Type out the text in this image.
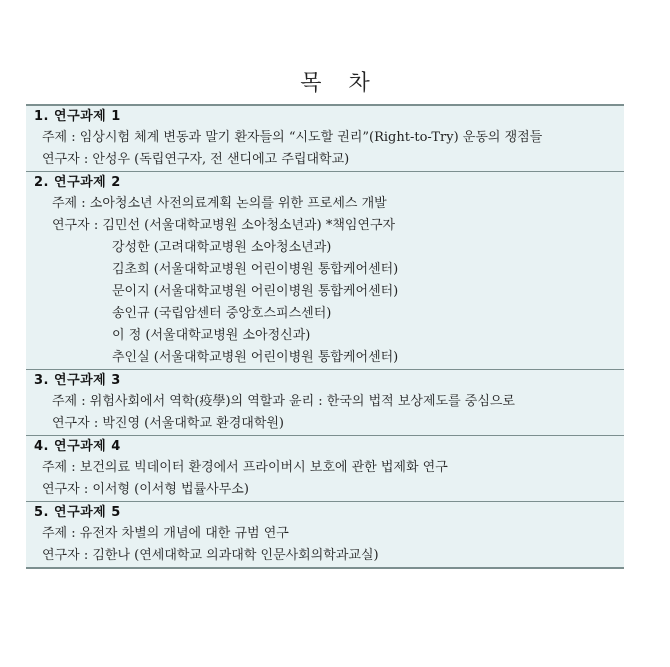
목 차
1. 연구과제 1
주제 : 임상시험 체계 변동과 말기 환자들의 “시도할 권리”(Right-to-Try) 운동의 쟁점들
연구자 : 안성우 (독립연구자, 전 샌디에고 주립대학교)
2. 연구과제 2
주제 : 소아청소년 사전의료계획 논의를 위한 프로세스 개발
연구자 : 김민선 (서울대학교병원 소아청소년과) *책임연구자
강성한 (고려대학교병원 소아청소년과)
김초희 (서울대학교병원 어린이병원 통합케어센터)
문이지 (서울대학교병원 어린이병원 통합케어센터)
송인규 (국립암센터 중앙호스피스센터)
이 정 (서울대학교병원 소아정신과)
추인실 (서울대학교병원 어린이병원 통합케어센터)
3. 연구과제 3
주제 : 위험사회에서 역학(疫學)의 역할과 윤리 : 한국의 법적 보상제도를 중심으로
연구자 : 박진영 (서울대학교 환경대학원)
4. 연구과제 4
주제 : 보건의료 빅데이터 환경에서 프라이버시 보호에 관한 법제화 연구
연구자 : 이서형 (이서형 법률사무소)
5. 연구과제 5
주제 : 유전자 차별의 개념에 대한 규범 연구
연구자 : 김한나 (연세대학교 의과대학 인문사회의학과교실)
